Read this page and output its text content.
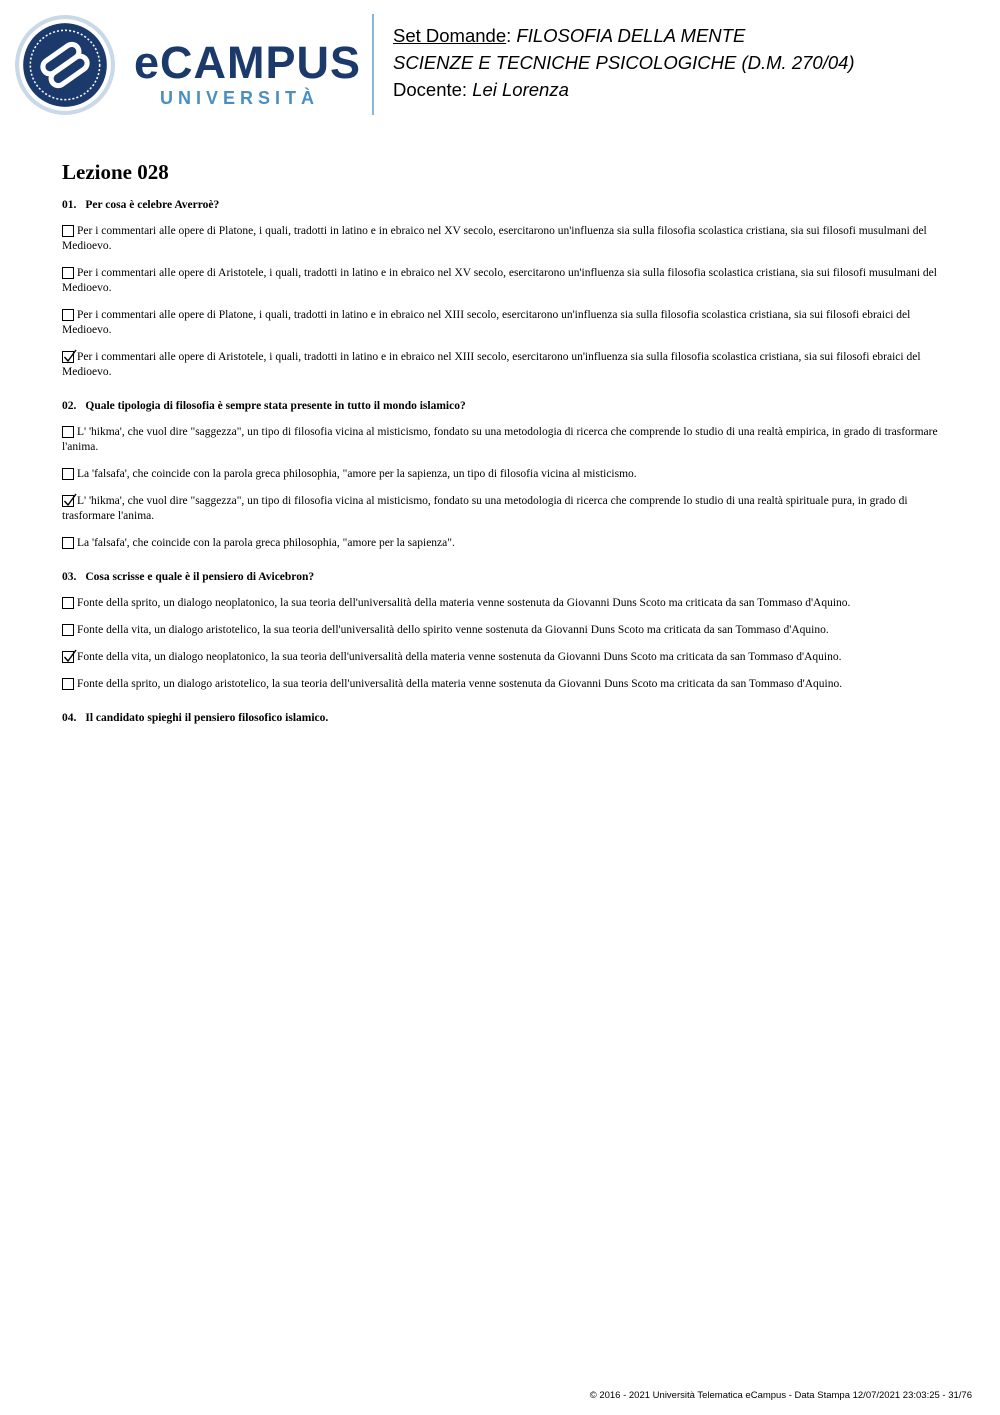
eCAMPUS
UNIVERSITÀ
Set Domande: FILOSOFIA DELLA MENTE
SCIENZE E TECNICHE PSICOLOGICHE (D.M. 270/04)
Docente: Lei Lorenza
Lezione 028

01. Per cosa è celebre Averroè?

Per i commentari alle opere di Platone, i quali, tradotti in latino e in ebraico nel XV secolo, esercitarono un'influenza sia sulla filosofia scolastica cristiana, sia sui filosofi musulmani del Medioevo.

Per i commentari alle opere di Aristotele, i quali, tradotti in latino e in ebraico nel XV secolo, esercitarono un'influenza sia sulla filosofia scolastica cristiana, sia sui filosofi musulmani del Medioevo.

Per i commentari alle opere di Platone, i quali, tradotti in latino e in ebraico nel XIII secolo, esercitarono un'influenza sia sulla filosofia scolastica cristiana, sia sui filosofi ebraici del Medioevo.

Per i commentari alle opere di Aristotele, i quali, tradotti in latino e in ebraico nel XIII secolo, esercitarono un'influenza sia sulla filosofia scolastica cristiana, sia sui filosofi ebraici del Medioevo.

02. Quale tipologia di filosofia è sempre stata presente in tutto il mondo islamico?

L' 'hikma', che vuol dire "saggezza", un tipo di filosofia vicina al misticismo, fondato su una metodologia di ricerca che comprende lo studio di una realtà empirica, in grado di trasformare l'anima.

La 'falsafa', che coincide con la parola greca philosophia, "amore per la sapienza, un tipo di filosofia vicina al misticismo.

L' 'hikma', che vuol dire "saggezza", un tipo di filosofia vicina al misticismo, fondato su una metodologia di ricerca che comprende lo studio di una realtà spirituale pura, in grado di trasformare l'anima.

La 'falsafa', che coincide con la parola greca philosophia, "amore per la sapienza".

03. Cosa scrisse e quale è il pensiero di Avicebron?

Fonte della sprito, un dialogo neoplatonico, la sua teoria dell'universalità della materia venne sostenuta da Giovanni Duns Scoto ma criticata da san Tommaso d'Aquino.

Fonte della vita, un dialogo aristotelico, la sua teoria dell'universalità dello spirito venne sostenuta da Giovanni Duns Scoto ma criticata da san Tommaso d'Aquino.

Fonte della vita, un dialogo neoplatonico, la sua teoria dell'universalità della materia venne sostenuta da Giovanni Duns Scoto ma criticata da san Tommaso d'Aquino.

Fonte della sprito, un dialogo aristotelico, la sua teoria dell'universalità della materia venne sostenuta da Giovanni Duns Scoto ma criticata da san Tommaso d'Aquino.

04. Il candidato spieghi il pensiero filosofico islamico.

© 2016 - 2021 Università Telematica eCampus - Data Stampa 12/07/2021 23:03:25 - 31/76
